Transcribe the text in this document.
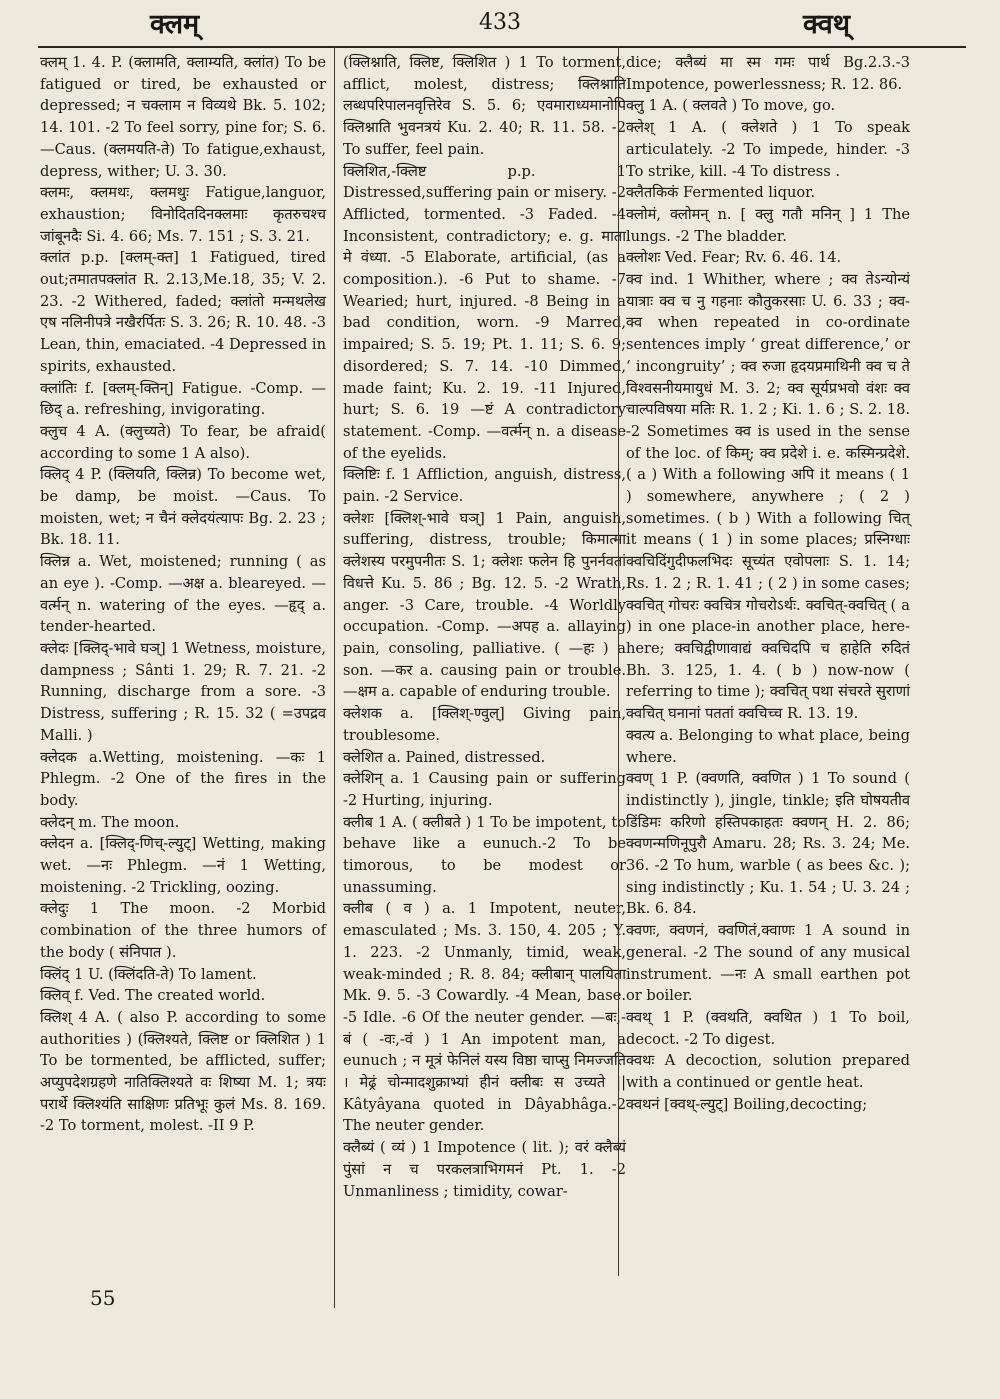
क्लम्	433	क्वथ्

क्लम् 1. 4. P. (क्लामति, क्लाम्यति, क्लांत) To be fatigued or tired, be exhausted or depressed; न चक्लाम न विव्यथे Bk. 5. 102; 14. 101. -2 To feel sorry, pine for; S. 6. —Caus. (क्लमयति-ते) To fatigue,exhaust, depress, wither; U. 3. 30.

क्लमः, क्लमथः, क्लमथुः Fatigue,languor, exhaustion; विनोदितदिनक्लमाः कृतरुचश्च जांबूनदैः Si. 4. 66; Ms. 7. 151 ; S. 3. 21.

क्लांत p.p. [क्लम्-क्त] 1 Fatigued, tired out;तमातपक्लांत R. 2.13,Me.18, 35; V. 2. 23. -2 Withered, faded; क्लांतो मन्मथलेख एष नलिनीपत्रे नखैरर्पितः S. 3. 26; R. 10. 48. -3 Lean, thin, emaciated. -4 Depressed in spirits, exhausted.

क्लांतिः f. [क्लम्-क्तिन्] Fatigue. -Comp. —छिद् a. refreshing, invigorating.

क्लुच 4 A. (क्लुच्यते) To fear, be afraid( according to some 1 A also).

क्लिद् 4 P. (क्लियति, क्लिन्न) To become wet, be damp, be moist. —Caus. To moisten, wet; न चैनं क्लेदयंत्यापः Bg. 2. 23 ; Bk. 18. 11.

क्लिन्न a. Wet, moistened; running ( as an eye ). -Comp. —अक्ष a. bleareyed. —वर्त्मन् n. watering of the eyes. —हृद् a. tender-hearted.

क्लेदः [क्लिद्-भावे घञ्] 1 Wetness, moisture, dampness ; Sânti 1. 29; R. 7. 21. -2 Running, discharge from a sore. -3 Distress, suffering ; R. 15. 32 ( =उपद्रव Malli. )

क्लेदक a.Wetting, moistening. —कः 1 Phlegm. -2 One of the fires in the body.

क्लेदन् m. The moon.

क्लेदन a. [क्लिद्-णिच्-ल्युट्] Wetting, making wet. —नः Phlegm. —नं 1 Wetting, moistening. -2 Trickling, oozing.

क्लेदुः 1 The moon. -2 Morbid combination of the three humors of the body ( संनिपात ).

क्लिंद् 1 U. (क्लिंदति-ते) To lament.

क्लिव् f. Ved. The created world.

क्लिश् 4 A. ( also P. according to some authorities ) (क्लिश्यते, क्लिष्ट or क्लिशित ) 1 To be tormented, be afflicted, suffer; अप्युपदेशग्रहणे नातिक्लिश्यते वः शिष्या M. 1; त्रयः परार्थे क्लिश्यंति साक्षिणः प्रतिभूः कुलं Ms. 8. 169. -2 To torment, molest. -II 9 P.

(क्लिश्नाति, क्लिष्ट, क्लिशित ) 1 To torment, afflict, molest, distress; क्लिश्नाति लब्धपरिपालनवृत्तिरेव S. 5. 6; एवमाराध्यमानोपि क्लिश्नाति भुवनत्रयं Ku. 2. 40; R. 11. 58. -2 To suffer, feel pain.

क्लिशित,-क्लिष्ट p.p. 1 Distressed,suffering pain or misery. -2 Afflicted, tormented. -3 Faded. -4 Inconsistent, contradictory; e. g. माता मे वंध्या. -5 Elaborate, artificial, (as a composition.). -6 Put to shame. -7 Wearied; hurt, injured. -8 Being in a bad condition, worn. -9 Marred, impaired; S. 5. 19; Pt. 1. 11; S. 6. 9; disordered; S. 7. 14. -10 Dimmed, made faint; Ku. 2. 19. -11 Injured, hurt; S. 6. 19 —ष्टं A contradictory statement. -Comp. —वर्त्मन् n. a disease of the eyelids.

क्लिष्टिः f. 1 Affliction, anguish, distress, pain. -2 Service.

क्लेशः [क्लिश्-भावे घञ्] 1 Pain, anguish, suffering, distress, trouble; किमात्मा क्लेशस्य परमुपनीतः S. 1; क्लेशः फलेन हि पुनर्नवतां विधत्ते Ku. 5. 86 ; Bg. 12. 5. -2 Wrath, anger. -3 Care, trouble. -4 Worldly occupation. -Comp. —अपह a. allaying pain, consoling, palliative. ( —हः ) a son. —कर a. causing pain or trouble. —क्षम a. capable of enduring trouble.

क्लेशक a. [क्लिश्-ण्वुल्] Giving pain, troublesome.

क्लेशित a. Pained, distressed.

क्लेशिन् a. 1 Causing pain or suffering -2 Hurting, injuring.

क्लीब 1 A. ( क्लीबते ) 1 To be impotent, to behave like a eunuch.-2 To be timorous, to be modest or unassuming.

क्लीब ( व ) a. 1 Impotent, neuter, emasculated ; Ms. 3. 150, 4. 205 ; Y. 1. 223. -2 Unmanly, timid, weak, weak-minded ; R. 8. 84; क्लीबान् पालयिता Mk. 9. 5. -3 Cowardly. -4 Mean, base. -5 Idle. -6 Of the neuter gender. —बः,-बं ( -वः,-वं ) 1 An impotent man, a eunuch ; न मूत्रं फेनिलं यस्य विष्ठा चाप्सु निमज्जति । मेढ्रं चोन्मादशुक्राभ्यां हीनं क्लीबः स उच्यते || Kâtyâyana quoted in Dâyabhâga.-2 The neuter gender.

क्लैब्यं ( व्यं ) 1 Impotence ( lit. ); वरं क्लैब्यं पुंसां न च परकलत्राभिगमनं Pt. 1. -2 Unmanliness ; timidity, cowar-

dice; क्लैब्यं मा स्म गमः पार्थ Bg.2.3.-3 Impotence, powerlessness; R. 12. 86.

क्लु 1 A. ( क्लवते ) To move, go.

क्लेश् 1 A. ( क्लेशते ) 1 To speak articulately. -2 To impede, hinder. -3 To strike, kill. -4 To distress .

क्लैतकिकं Fermented liquor.

क्लोमं, क्लोमन् n. [ क्लु गतौ मनिन् ] 1 The lungs. -2 The bladder.

क्लोशः Ved. Fear; Rv. 6. 46. 14.

क्व ind. 1 Whither, where ; क्व तेऽन्योन्यं यात्राः क्व च नु गहनाः कौतुकरसाः U. 6. 33 ; क्व-क्व when repeated in co-ordinate sentences imply ‘ great difference,’ or ‘ incongruity’ ; क्व रुजा हृदयप्रमाथिनी क्व च ते विश्वसनीयमायुधं M. 3. 2; क्व सूर्यप्रभवो वंशः क्व चाल्पविषया मतिः R. 1. 2 ; Ki. 1. 6 ; S. 2. 18. -2 Sometimes क्व is used in the sense of the loc. of किम्; क्व प्रदेशे i. e. कस्मिन्प्रदेशे. ( a ) With a following अपि it means ( 1 ) somewhere, anywhere ; ( 2 ) sometimes. ( b ) With a following चित् it means ( 1 ) in some places; प्रस्निग्धाः क्वचिदिंगुदीफलभिदः सूच्यंत एवोपलाः S. 1. 14; Rs. 1. 2 ; R. 1. 41 ; ( 2 ) in some cases; क्वचित् गोचरः क्वचित्र गोचरोऽर्थः. क्वचित्-क्वचित् ( a ) in one place-in another place, here-here; क्वचिद्वीणावाद्यं क्वचिदपि च हाहेति रुदितं Bh. 3. 125, 1. 4. ( b ) now-now ( referring to time ); क्वचित् पथा संचरते सुराणां क्वचित् घनानां पततां क्वचिच्च R. 13. 19.

क्वत्य a. Belonging to what place, being where.

क्वण् 1 P. (क्वणति, क्वणित ) 1 To sound ( indistinctly ), jingle, tinkle; इति घोषयतीव डिंडिमः करिणो हस्तिपकाहतः क्वणन् H. 2. 86; क्वणन्मणिनूपुरौ Amaru. 28; Rs. 3. 24; Me. 36. -2 To hum, warble ( as bees &c. ); sing indistinctly ; Ku. 1. 54 ; U. 3. 24 ; Bk. 6. 84.

क्वणः, क्वणनं, क्वणितं,क्वाणः 1 A sound in general. -2 The sound of any musical instrument. —नः A small earthen pot or boiler.

क्वथ् 1 P. (क्वथति, क्वथित ) 1 To boil, decoct. -2 To digest.

क्वथः A decoction, solution prepared with a continued or gentle heat.

क्वथनं [क्वथ्-ल्युट्] Boiling,decocting;

55
